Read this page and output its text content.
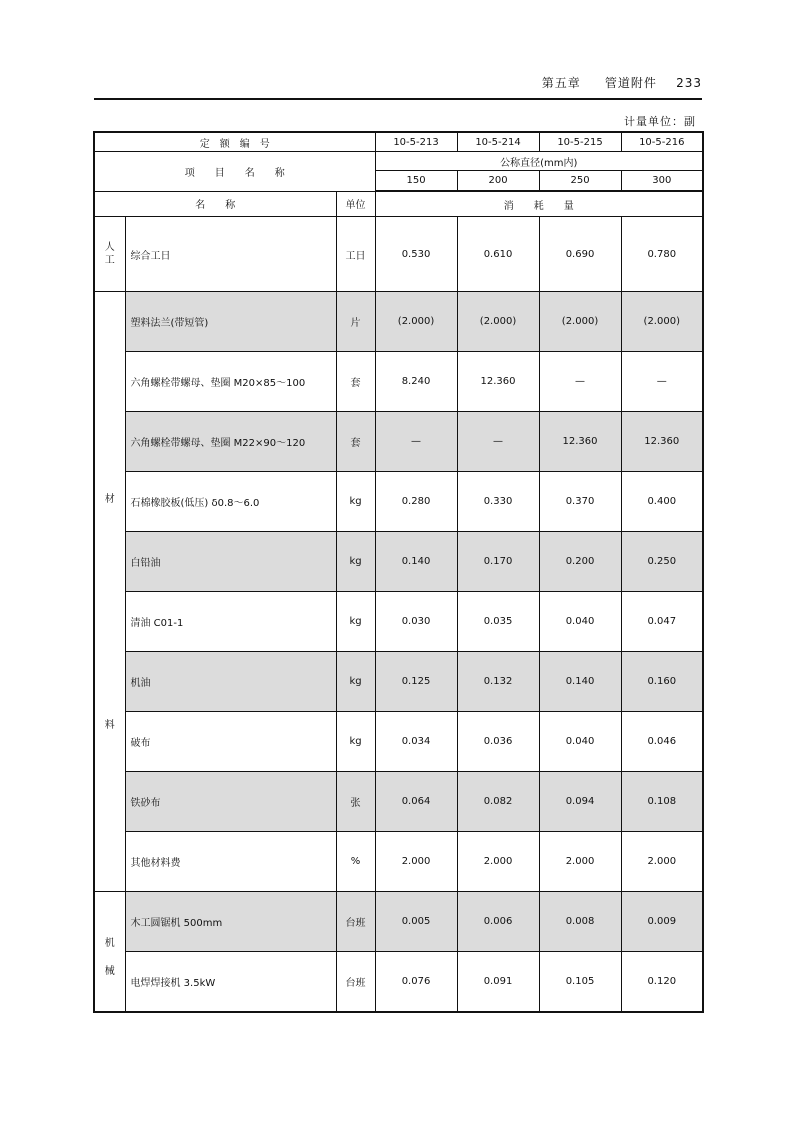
第五章 管道附件 233
计量单位：副
定　额　编　号			10-5-213	10-5-214	10-5-215	10-5-216
项　　目　　名　　称			公称直径(mm内)			
			150	200	250	300
名　　称		单位	消　　耗　　量			
人工	综合工日	工日	0.530	0.610	0.690	0.780

材
料	塑料法兰(带短管)	片	(2.000)	(2.000)	(2.000)	(2.000)
	六角螺栓带螺母、垫圈 M20×85～100	套	8.240	12.360	—	—
	六角螺栓带螺母、垫圈 M22×90～120	套	—	—	12.360	12.360
	石棉橡胶板(低压) δ0.8～6.0	kg	0.280	0.330	0.370	0.400
	白铅油	kg	0.140	0.170	0.200	0.250
	清油 C01-1	kg	0.030	0.035	0.040	0.047
	机油	kg	0.125	0.132	0.140	0.160
	破布	kg	0.034	0.036	0.040	0.046
	铁砂布	张	0.064	0.082	0.094	0.108
	其他材料费	%	2.000	2.000	2.000	2.000

机
械	木工圆锯机 500mm	台班	0.005	0.006	0.008	0.009
	电焊焊接机 3.5kW	台班	0.076	0.091	0.105	0.120
